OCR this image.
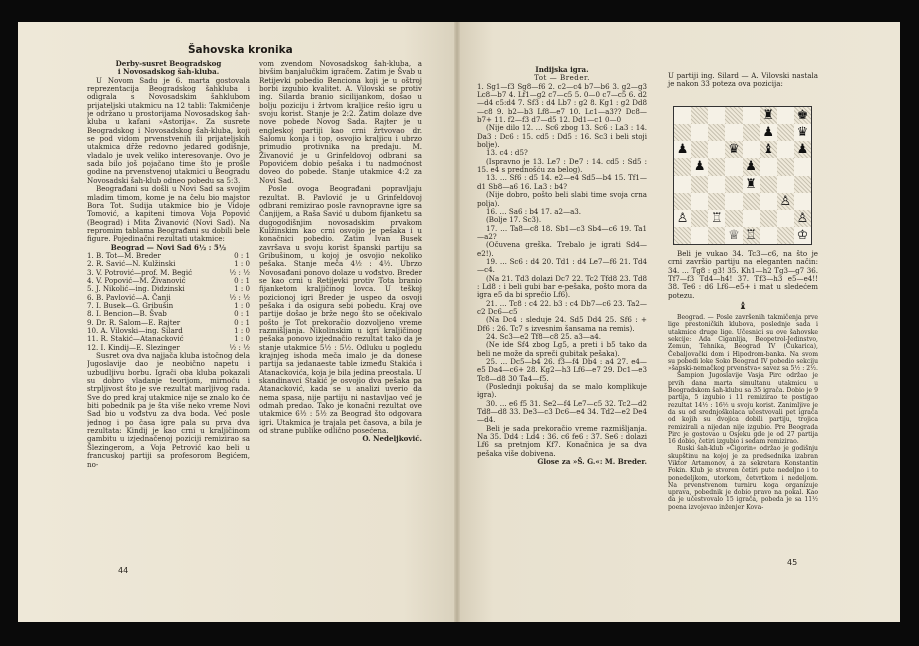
Šahovska kronika

Derby-susret Beogradskog

i Novosadskog šah-kluba.

U Novom Sadu je 6. marta gostovala reprezentacija Beogradskog šahkluba i odigrala s Novosadskim šahklubom prijateljski utakmicu na 12 tabli: Takmičenje je održano u prostorijama Novosadskog šah-kluba u kafani »Astorija«. Za susrete Beogradskog i Novosadskog šah-kluba, koji se pod vidom prvenstvenih ili prijateljskih utakmica dr̆že redovno jedared godišnje, vladalo je uvek veliko interesovanje. Ovo je sada bilo još pojačano time što je prošle godine na prvenstvenoj utakmici u Beogradu Novosadski šah-klub odnео pobedu sa 5:3.

Beograđani su došli u Novi Sad sa svojim mladim timom, kome je na čelu bio majstor Bora Tot. Sudija utakmice bio je Vidoje Tomović, a kapiteni timova Voja Popović (Beograd) i Mita Živanović (Novi Sad). Na repromim tablama Beograđani su dobili bele figure. Pojedinačni rezultati utakmice:

Beograd — Novi Sad 6½ : 5½

1. B. Tot—M. Breder	0 : 1
2. R. Savić—N. Kulžinski	1 : 0
3. V. Potrović—prof. M. Begić	½ : ½
4. V. Popović—M. Živanović	0 : 1
5. J. Nikolić—ing. Didzinski	1 : 0
6. B. Pavlović—A. Čanji	½ : ½
7. I. Busek—G. Gribušin	1 : 0
8. I. Bencion—B. Švab	0 : 1
9. Dr. R. Salom—E. Rajter	0 : 1
10. A. Vilovski—ing. Silard	1 : 0
11. R. Stakić—Atanacković	1 : 0
12. I. Kindij—E. Slezinger	½ : ½

Susret ova dva najjača kluba istočnog dela Jugoslavije dao je neobično napetu i uzbudljivu borbu. Igrači oba kluba pokazali su dobro vladanje teorijom, mirnoću i strpljivost što je sve rezultat marljivog rada. Sve do pred kraj utakmice nije se znalo ko će biti pobednik pa je šta više neko vreme Novi Sad bio u vođstvu za dva boda. Već posle jednog i po časa igre pala su prva dva rezultata: Kindij je kao crni u kraljičinom gambitu u izjednačenoj poziciji remizirao sa Šlezingerom, a Voja Petrović kao beli u francuskoj partiji sa profesorom Begićem, no-

vom zvendom Novosadskog šah-kluba, a bivšim banjalučkim igračem. Zatim je Švab u Retijevki pobedio Benciona koji je u oštroj borbi izgubio kvalitet. A. Vilovski se protiv ing. Silarda branio sicilijankom, došao u bolju poziciju i žrtvom kraljice rešio igru u svoju korist. Stanje je 2:2. Zatim dolaze dve nove pobede Novog Sada. Rajter je u engleskoj partiji kao crni žrtvovao dr. Salomu konja i top, osvojio kraljicu i ubrzo primudio protivnika na predaju. M. Živanović je u Grinfeldovoj odbrani sa Popovićem dobio pešaka i tu nadmoćnost doveo do pobede. Stanje utakmice 4:2 za Novi Sad.

Posle ovoga Beograđani popravljaju rezultat. B. Pavlović je u Grinfeldovoj odbrani remizirao posle ravnopravne igre sa Čanjijem, a Raša Savić u dubom fijanketu sa dugogodišnjim novosadskim prvakom Kulžinskim kao crni osvojio je pešaka i u konačnici pobedio. Zatim Ivan Busek završava u svoju korist španski partiju sa Gribušinom, u kojoj je osvojio nekoliko pešaka. Stanje meča 4½ : 4½. Ubrzo Novosađani ponovo dolaze u vođstvo. Breder se kao crni u Retijevki protiv Tota branio fijanketom kraljičinog lovca. U teškoj pozicionoj igri Breder je uspeo da osvoji pešaka i da osigura sebi pobedu. Kraj ove partije došao je brže nego što se očekivalo pošto je Tot prekoračio dozvoljeno vreme razmišljanja. Nikolinskim u igri kraljičinog pešaka ponovo izjednačio rezultat tako da je stanje utakmice 5½ : 5½. Odluku u pogledu krajnjeg ishoda meča imalo je da donese partija sa jedanaeste table između Stakića i Atanackovića, koja je bila jedina preostala. U skandinavci Stakić je osvojio dva pešaka pa Atanacković, kada se u analizi uverio da nema spasa, nije partiju ni nastavljao već je odmah predao. Tako je konačni rezultat ove utakmice 6½ : 5½ za Beograd što odgovara igri. Utakmica je trajala pet časova, a bila je od strane publike odlično posećena.

O. Nedeljković.

44

Indijska igra.

Tot — Breder.

1. Sg1—f3 Sg8—f6 2. c2—c4 b7—b6 3. g2—g3 Lc8—b7 4. Lf1—g2 c7—c5 5. 0—0 c7—c5 6. d2—d4 c5:d4 7. Sf3 : d4 Lb7 : g2 8. Kg1 : g2 Dd8—c8 9. b2—b3 Lf8—e7 10. Lc1—a3?? Dc8—b7+ 11. f2—f3 d7—d5 12. Dd1—c1 0—0

(Nije dilo 12. … Sc6 zbog 13. Sc6 : La3 : 14. Da3 : Dc6 : 15. cd5 : Dd5 : 16. Sc3 i beli stoji bolje).

13. c4 : d5?

(Ispravno je 13. Le7 : De7 : 14. cd5 : Sd5 : 15. e4 s prednošću za belog).

13. … Sf6 : d5 14. e2—e4 Sd5—b4 15. Tf1—d1 Sb8—a6 16. La3 : b4?

(Nije dobro, pošto beli slabi time svoja crna polja).

16. … Sa6 : b4 17. a2—a3.

(Bolje 17. Sc3).

17. … Ta8—c8 18. Sb1—c3 Sb4—c6 19. Ta1—a2?

(Očuvena greška. Trebalo je igrati Sd4—e2!).

19. … Sc6 : d4 20. Td1 : d4 Le7—f6 21. Td4—c4.

(Na 21. Td3 dolazi Dc7 22. Tc2 Tfd8 23. Td8 : Ld8 : i beli gubi bar e-pešaka, pošto mora da igra e5 da bi sprečio Lf6).

21. … Tc8 : c4 22. b3 : c4 Db7—c6 23. Ta2—c2 Dc6—c5

(Na Dc4 : sleduje 24. Sd5 Dd4 25. Sf6 : + Df6 : 26. Tc7 s izvesnim šansama na remis).

24. Sc3—e2 Tf8—c8 25. a3—a4.

(Ne ide Sf4 zbog Lg5, a preti i b5 tako da beli ne može da spreči gubitak pešaka).

25. … Dc5—b4 26. f3—f4 Db4 : a4 27. e4—e5 Da4—c6+ 28. Kg2—h3 Lf6—e7 29. Dc1—e3 Tc8—d8 30 Ta4—f5.

(Poslednji pokušaj da se malo komplikuje igra).

30. … e6 f5 31. Se2—f4 Le7—c5 32. Tc2—d2 Td8—d8 33. De3—c3 Dc6—e4 34. Td2—e2 De4—d4.

Beli je sada prekoračio vreme razmišljanja. Na 35. Dd4 : Ld4 : 36. c6 fe6 : 37. Se6 : dolazi Lf6 sa pretnjom Kf7. Konačnica je sa dva pešaka više dobivena.

Glose za »Š. G.«: M. Breder.

U partiji ing. Silard — A. Vilovski nastala je nakon 33 poteza ova pozicija:
♜ ♚
♟ ♛
♟	♛ ♝ ♟
♟	♟
♜
♙
♙ ♖	♙
♕ ♖	♔

Beli je vukao 34. Tc3—c6, na što je crni završio partiju na eleganten način: 34. … Tg8 : g3! 35. Kh1—h2 Tg3—g7 36. Tf7—f3 Td4—h4! 37. Tf3—h3 e5—e4!! 38. Te6 : d6 Lf6—e5+ i mat u sledećem potezu.

♝

Beograd. — Posle završenih takmičenja prve lige prestoničkih klubova, poslednje sada i utakmice druge lige. Učesnici su ove šahovske sekcije: Ada Ciganlija, Beopetrol-Jedinstvo, Zemun, Tehnika, Beograd IV (Čukarica), Čebaljovački dom i Hipodrom-banka. Na svom su pobedi loke Soko Beograd IV pobedio sekciju »šapski-nemačkog prvenstva« savez sa 5½ : 2½.

Šampion Jugoslavije Vasja Pirc održao je prvih dana marta simultanu utakmicu u Beogradskom šah-klubu sa 35 igrača. Dobio je 9 partija, 5 izgubio i 11 remizirao te postigao rezultat 14½ : 16½ u svoju korist. Zanimljive je da su od srednjoškolaca učestvovali pet igrača od kojih su dvojica dobili partiju, trojica remizirali a nijedan nije izgubio. Pre Beograda Pirc je gostovao u Osjeku gde je od 27 partija 16 dobio, četiri izgubio i sedam remizirao.

Ruski šah-klub »Čigorin« održao je godišnju skupštinu na kojoj je za predsednika izabran Viktor Artamonov, a za sekretara Konstantin Fokin. Klub je stvoren četiri pute nedeljno i to ponedeljkom, utorkom, četvrtkom i nedeljom. Na prvenstvenom turniru koga organizuje uprava, pobednik je dobio pravo na pokal. Kao da je učestvovalo 15 igrača, pobeda je sa 11½ poena izvojevao inženjer Kova-

45
